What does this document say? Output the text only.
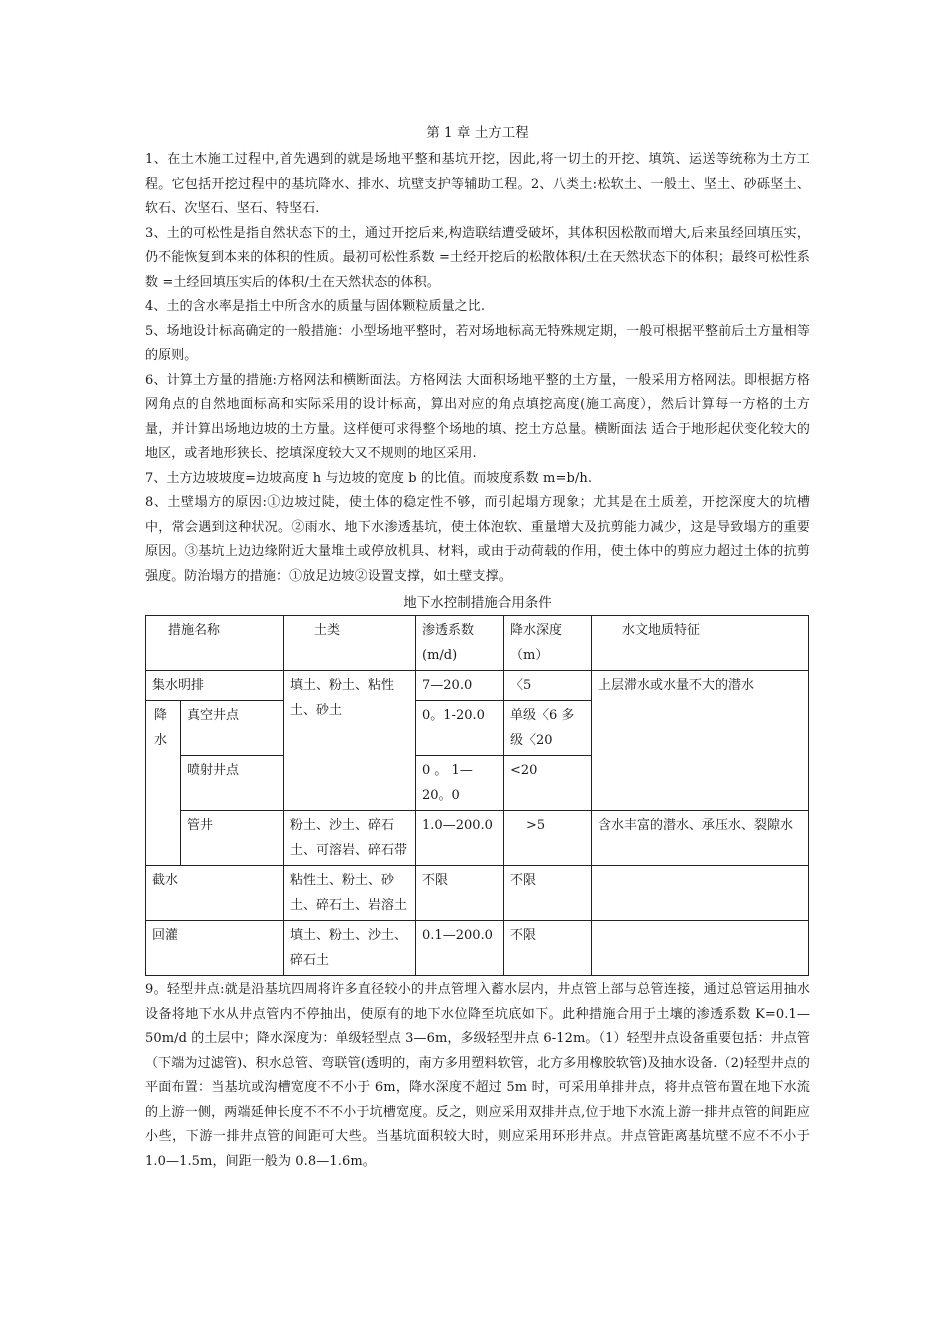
第 1 章 土方工程

1、在土木施工过程中,首先遇到的就是场地平整和基坑开挖，因此,将一切土的开挖、填筑、运送等统称为土方工程。它包括开挖过程中的基坑降水、排水、坑壁支护等辅助工程。2、八类土:松软土、一般土、坚土、砂砾坚土、软石、次坚石、坚石、特坚石.

3、土的可松性是指自然状态下的土，通过开挖后来,构造联结遭受破坏，其体积因松散而增大,后来虽经回填压实，仍不能恢复到本来的体积的性质。最初可松性系数 =土经开挖后的松散体积/土在天然状态下的体积；最终可松性系数 =土经回填压实后的体积/土在天然状态的体积。

4、土的含水率是指土中所含水的质量与固体颗粒质量之比.

5、场地设计标高确定的一般措施：小型场地平整时，若对场地标高无特殊规定期，一般可根据平整前后土方量相等的原则。

6、计算土方量的措施:方格网法和横断面法。方格网法 大面积场地平整的土方量，一般采用方格网法。即根据方格网角点的自然地面标高和实际采用的设计标高，算出对应的角点填挖高度(施工高度），然后计算每一方格的土方量，并计算出场地边坡的土方量。这样便可求得整个场地的填、挖土方总量。横断面法 适合于地形起伏变化较大的地区，或者地形狭长、挖填深度较大又不规则的地区采用.

7、土方边坡坡度=边坡高度 h 与边坡的宽度 b 的比值。而坡度系数 m=b/h.

8、土壁塌方的原因:①边坡过陡，使土体的稳定性不够，而引起塌方现象；尤其是在土质差，开挖深度大的坑槽中，常会遇到这种状况。②雨水、地下水渗透基坑，使土体泡软、重量增大及抗剪能力减少，这是导致塌方的重要原因。③基坑上边边缘附近大量堆土或停放机具、材料，或由于动荷载的作用，使土体中的剪应力超过土体的抗剪强度。防治塌方的措施：①放足边坡②设置支撑，如土壁支撑。

地下水控制措施合用条件

措施名称		土类	渗透系数(m/d)	降水深度（m）	水文地质特征
集水明排		填土、粉土、粘性土、砂土	7—20.0	〈5	上层滞水或水量不大的潜水
降水	真空井点		0。1-20.0	单级〈6 多级〈20	
	喷射井点		0 。 1—20。0	<20	
	管井	粉土、沙土、碎石土、可溶岩、碎石带	1.0—200.0	>5	含水丰富的潜水、承压水、裂隙水
截水		粘性土、粉土、砂土、碎石土、岩溶土	不限	不限	
回灌		填土、粉土、沙土、碎石土	0.1—200.0	不限	

9。轻型井点:就是沿基坑四周将许多直径较小的井点管埋入蓄水层内，井点管上部与总管连接，通过总管运用抽水设备将地下水从井点管内不停抽出，使原有的地下水位降至坑底如下。此种措施合用于土壤的渗透系数 K=0.1—50m/d 的土层中；降水深度为：单级轻型点 3—6m，多级轻型井点 6-12m。（1）轻型井点设备重要包括：井点管（下端为过滤管)、积水总管、弯联管(透明的，南方多用塑料软管，北方多用橡胶软管)及抽水设备.（2)轻型井点的平面布置：当基坑或沟槽宽度不不小于 6m，降水深度不超过 5m 时，可采用单排井点，将井点管布置在地下水流的上游一侧，两端延伸长度不不不小于坑槽宽度。反之，则应采用双排井点,位于地下水流上游一排井点管的间距应小些，下游一排井点管的间距可大些。当基坑面积较大时，则应采用环形井点。井点管距离基坑壁不应不不小于 1.0—1.5m，间距一般为 0.8—1.6m。
